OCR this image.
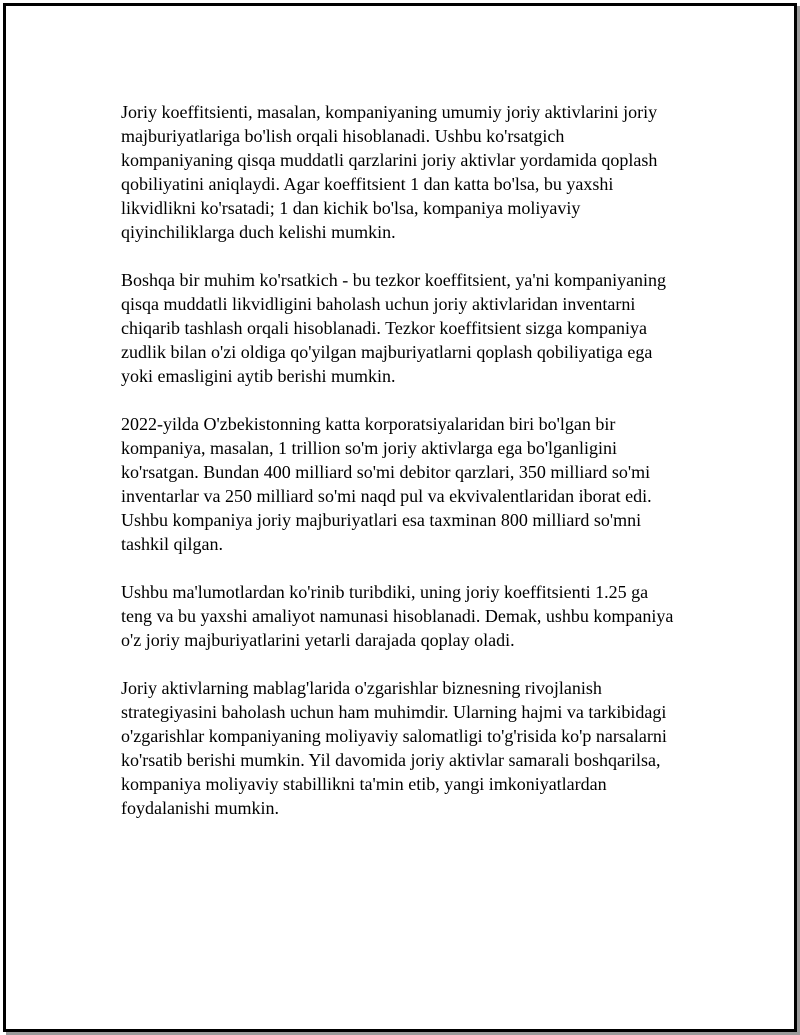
Joriy koeffitsienti, masalan, kompaniyaning umumiy joriy aktivlarini joriy
majburiyatlariga bo'lish orqali hisoblanadi. Ushbu ko'rsatgich
kompaniyaning qisqa muddatli qarzlarini joriy aktivlar yordamida qoplash
qobiliyatini aniqlaydi. Agar koeffitsient 1 dan katta bo'lsa, bu yaxshi
likvidlikni ko'rsatadi; 1 dan kichik bo'lsa, kompaniya moliyaviy
qiyinchiliklarga duch kelishi mumkin.

Boshqa bir muhim ko'rsatkich - bu tezkor koeffitsient, ya'ni kompaniyaning
qisqa muddatli likvidligini baholash uchun joriy aktivlaridan inventarni
chiqarib tashlash orqali hisoblanadi. Tezkor koeffitsient sizga kompaniya
zudlik bilan o'zi oldiga qo'yilgan majburiyatlarni qoplash qobiliyatiga ega
yoki emasligini aytib berishi mumkin.

2022-yilda O'zbekistonning katta korporatsiyalaridan biri bo'lgan bir
kompaniya, masalan, 1 trillion so'm joriy aktivlarga ega bo'lganligini
ko'rsatgan. Bundan 400 milliard so'mi debitor qarzlari, 350 milliard so'mi
inventarlar va 250 milliard so'mi naqd pul va ekvivalentlaridan iborat edi.
Ushbu kompaniya joriy majburiyatlari esa taxminan 800 milliard so'mni
tashkil qilgan.

Ushbu ma'lumotlardan ko'rinib turibdiki, uning joriy koeffitsienti 1.25 ga
teng va bu yaxshi amaliyot namunasi hisoblanadi. Demak, ushbu kompaniya
o'z joriy majburiyatlarini yetarli darajada qoplay oladi.

Joriy aktivlarning mablag'larida o'zgarishlar biznesning rivojlanish
strategiyasini baholash uchun ham muhimdir. Ularning hajmi va tarkibidagi
o'zgarishlar kompaniyaning moliyaviy salomatligi to'g'risida ko'p narsalarni
ko'rsatib berishi mumkin. Yil davomida joriy aktivlar samarali boshqarilsa,
kompaniya moliyaviy stabillikni ta'min etib, yangi imkoniyatlardan
foydalanishi mumkin.
